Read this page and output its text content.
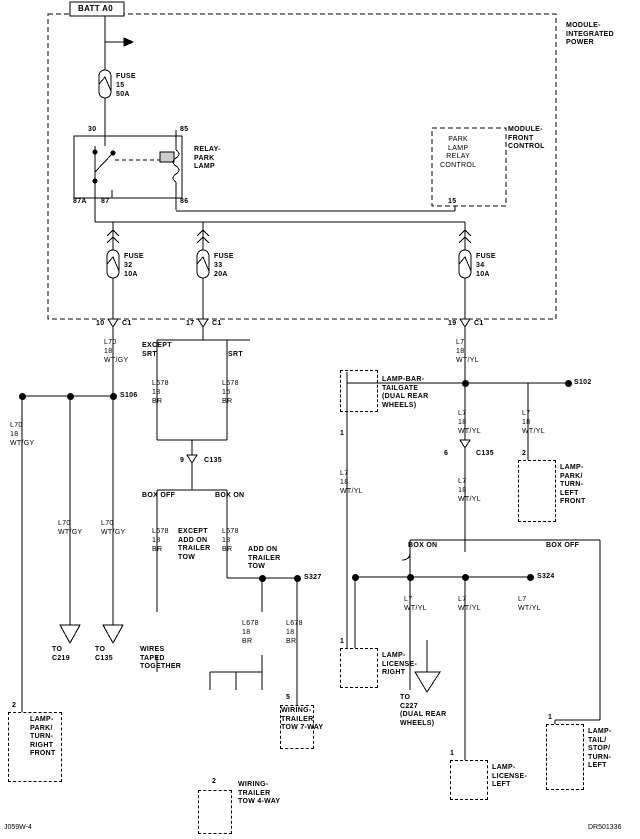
BATT A0
MODULE-
INTEGRATED
POWER
MODULE-
FRONT
CONTROL
PARK
LAMP
RELAY
CONTROL
FUSE
15
50A
30	85
86
87A 87	15
RELAY-
PARK
LAMP
FUSE
32
10A
FUSE
33
20A
FUSE
34
10A
10	C1	17	C1	19	C1
L70
18
WT/GY
L70
18
WT/GY
L70
WT/GY
L70
WT/GY
S106
S102
S327	S324
EXCEPT
SRT	SRT
L678
18
BR
L678
16
BR
9	C135
BOX OFF	BOX ON
L678
18
BR
L678
18
BR
EXCEPT
ADD ON
TRAILER
TOW
ADD ON
TRAILER
TOW
L678
18
BR
L678
18
BR
TO
C219
TO
C135
WIRES
TAPED
TOGETHER
L7
18
WT/YL
L7
18
WT/YL
L7
18
WT/YL
6	C135
L7
18
WT/YL
L7
18
WT/YL
BOX ON	BOX OFF
L7
WT/YL
L7
WT/YL
L7
WT/YL
TO
C227
(DUAL REAR
WHEELS)
2
LAMP-
PARK/
TURN-
RIGHT
FRONT
2	WIRING-
TRAILER
TOW 4-WAY
5
WIRING-
TRAILER
TOW 7-WAY
1
LAMP-BAR-
TAILGATE
(DUAL REAR
WHEELS)
2
LAMP-
PARK/
TURN-
LEFT
FRONT
1
LAMP-
LICENSE-
RIGHT
1
LAMP-
LICENSE-
LEFT
1
LAMP-
TAIL/
STOP/
TURN-
LEFT
J059W-4	DR501336
